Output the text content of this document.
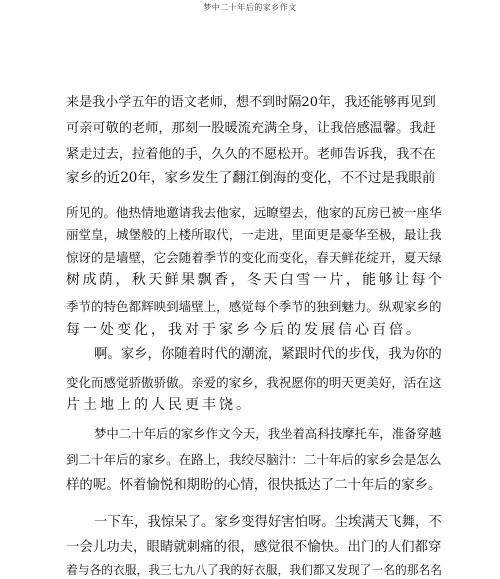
梦中二十年后的家乡作文
来是我小学五年的语文老师，想不到时隔20年，我还能够再见到
可亲可敬的老师，那刻一股暖流充满全身，让我倍感温馨。我赶
紧走过去，拉着他的手，久久的不愿松开。老师告诉我，我不在
家乡的近20年，家乡发生了翻江倒海的变化，不不过是我眼前
所见的。他热情地邀请我去他家，远瞭望去，他家的瓦房已被一座华
丽堂皇，城堡般的上楼所取代，一走进，里面更是豪华至极，最让我
惊讶的是墙壁，它会随着季节的变化而变化，春天鲜花绽开，夏天绿
树成荫，秋天鲜果飘香，冬天白雪一片，能够让每个
季节的特色都辉映到墙壁上，感觉每个季节的独到魅力。纵观家乡的
每一处变化，我对于家乡今后的发展信心百倍。
啊。家乡，你随着时代的潮流，紧跟时代的步伐，我为你的
变化而感觉骄傲骄傲。亲爱的家乡，我祝愿你的明天更美好，活在这
片土地上的人民更丰饶。
梦中二十年后的家乡作文今天，我坐着高科技摩托车，准备穿越
到二十年后的家乡。在路上，我绞尽脑汁：二十年后的家乡会是怎么
样的呢。怀着愉悦和期盼的心情，很快抵达了二十年后的家乡。
一下车，我惊呆了。家乡变得好害怕呀。尘埃满天飞舞，不
一会儿功夫，眼睛就刺痛的很，感觉很不愉快。出门的人们都穿
着与各的衣服，我三七九八了我的好衣服，我们都又发现了一名的那名名
